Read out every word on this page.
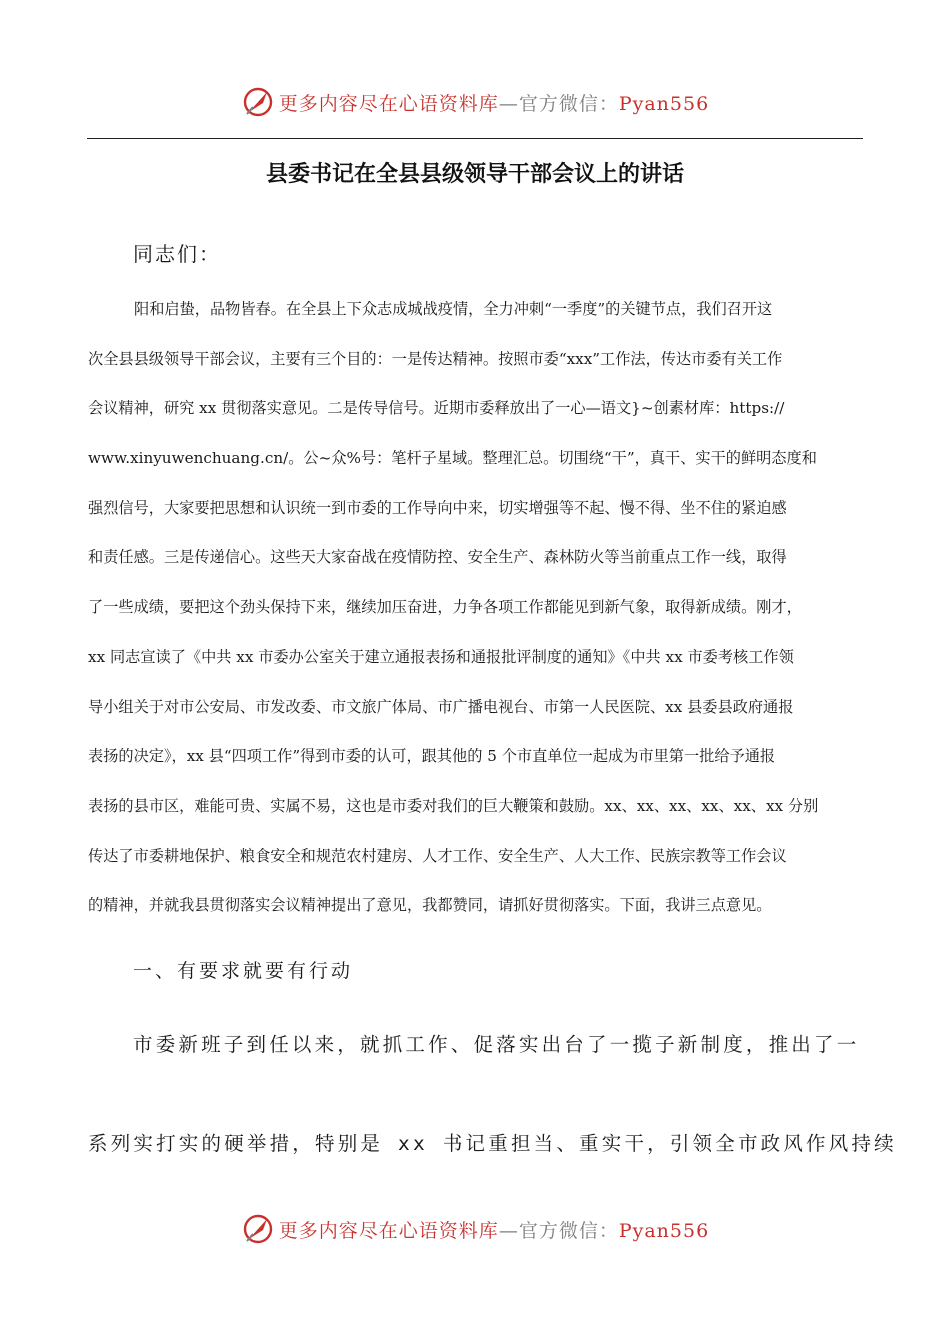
更多内容尽在心语资料库—官方微信：Pyan556
县委书记在全县县级领导干部会议上的讲话
同志们：
阳和启蛰，品物皆春。在全县上下众志成城战疫情，全力冲刺“一季度”的关键节点，我们召开这
次全县县级领导干部会议，主要有三个目的：一是传达精神。按照市委“xxx”工作法，传达市委有关工作
会议精神，研究 xx 贯彻落实意见。二是传导信号。近期市委释放出了一心—语文}~创素材库：https://
www.xinyuwenchuang.cn/。公~众%号：笔杆子星域。整理汇总。切围绕“干”，真干、实干的鲜明态度和
强烈信号，大家要把思想和认识统一到市委的工作导向中来，切实增强等不起、慢不得、坐不住的紧迫感
和责任感。三是传递信心。这些天大家奋战在疫情防控、安全生产、森林防火等当前重点工作一线，取得
了一些成绩，要把这个劲头保持下来，继续加压奋进，力争各项工作都能见到新气象，取得新成绩。刚才，
xx 同志宣读了《中共 xx 市委办公室关于建立通报表扬和通报批评制度的通知》《中共 xx 市委考核工作领
导小组关于对市公安局、市发改委、市文旅广体局、市广播电视台、市第一人民医院、xx 县委县政府通报
表扬的决定》，xx 县“四项工作”得到市委的认可，跟其他的 5 个市直单位一起成为市里第一批给予通报
表扬的县市区，难能可贵、实属不易，这也是市委对我们的巨大鞭策和鼓励。xx、xx、xx、xx、xx、xx 分别
传达了市委耕地保护、粮食安全和规范农村建房、人才工作、安全生产、人大工作、民族宗教等工作会议
的精神，并就我县贯彻落实会议精神提出了意见，我都赞同，请抓好贯彻落实。下面，我讲三点意见。
一、有要求就要有行动
市委新班子到任以来，就抓工作、促落实出台了一揽子新制度，推出了一
系列实打实的硬举措，特别是 xx 书记重担当、重实干，引领全市政风作风持续
更多内容尽在心语资料库—官方微信：Pyan556
